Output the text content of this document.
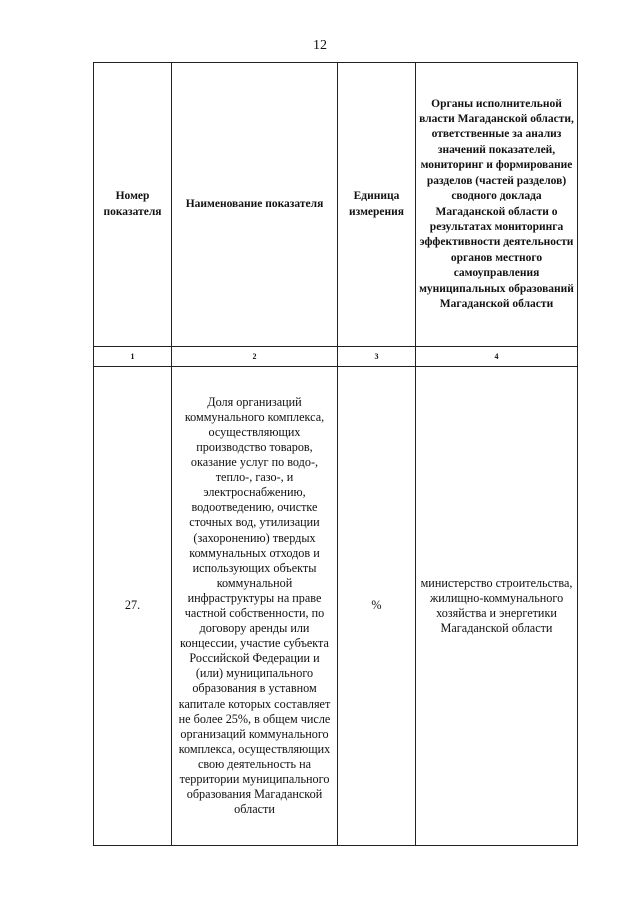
12
Номер показателя	Наименование показателя	Единица измерения	Органы исполнительной власти Магаданской области, ответственные за анализ значений показателей, мониторинг и формирование разделов (частей разделов) сводного доклада Магаданской области о результатах мониторинга эффективности деятельности органов местного самоуправления муниципальных образований Магаданской области
1	2	3	4
27.	Доля организаций коммунального комплекса, осуществляющих производство товаров, оказание услуг по водо-, тепло-, газо-, и электроснабжению, водоотведению, очистке сточных вод, утилизации (захоронению) твердых коммунальных отходов и использующих объекты коммунальной инфраструктуры на праве частной собственности, по договору аренды или концессии, участие субъекта Российской Федерации и (или) муниципального образования в уставном капитале которых составляет не более 25%, в общем числе организаций коммунального комплекса, осуществляющих свою деятельность на территории муниципального образования Магаданской области	%	министерство строительства, жилищно-коммунального хозяйства и энергетики Магаданской области
